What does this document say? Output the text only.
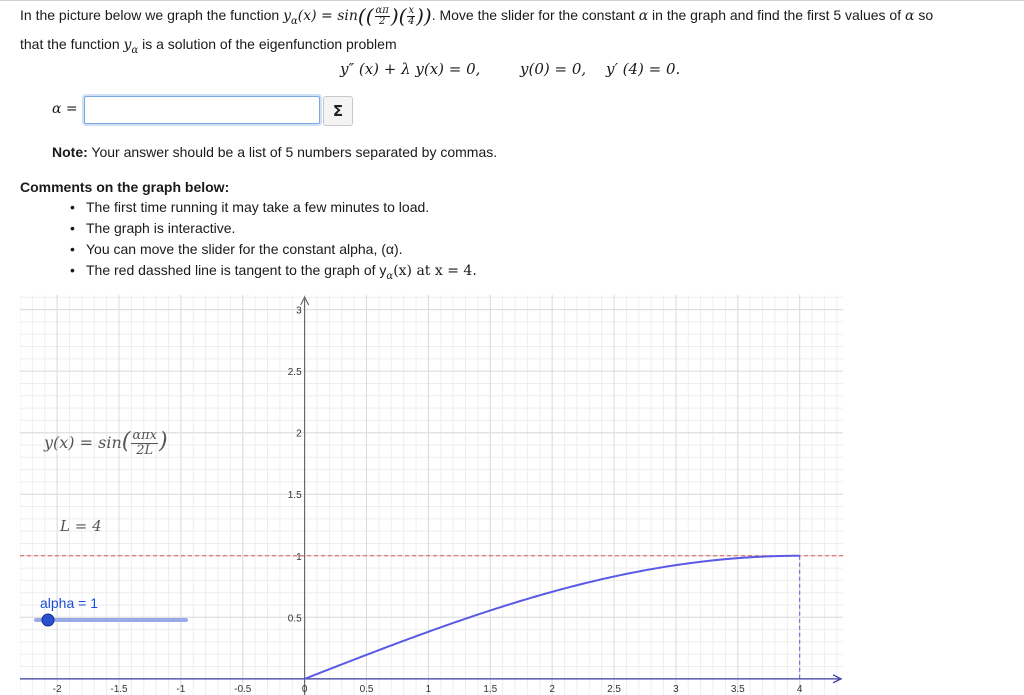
In the picture below we graph the function $y_\alpha(x) = \sin(( \frac{\alpha\pi}{2}$ )( $\frac{x}{4}$ )). Move the slider for the constant α in the graph and find the first 5 values of α so
that the function $y_\alpha$ is a solution of the eigenfunction problem
y″ (x) + λ y(x) = 0,	y(0) = 0, y′ (4) = 0.
α =	Σ
Note: Your answer should be a list of 5 numbers separated by commas.
Comments on the graph below:
• The first time running it may take a few minutes to load.
• The graph is interactive.
• You can move the slider for the constant alpha, (α).
• The red dasshed line is tangent to the graph of $y_\alpha(x)$ at x = 4.
-2	-1.5	-1	-0.5	0	0.5	1	1.5	2	2.5	3	3.5	4
0.5
1
1.5
2
2.5
3
$y(x) = \sin( \frac{\text{απx}}{2L}$ )
L = 4
alpha = 1
